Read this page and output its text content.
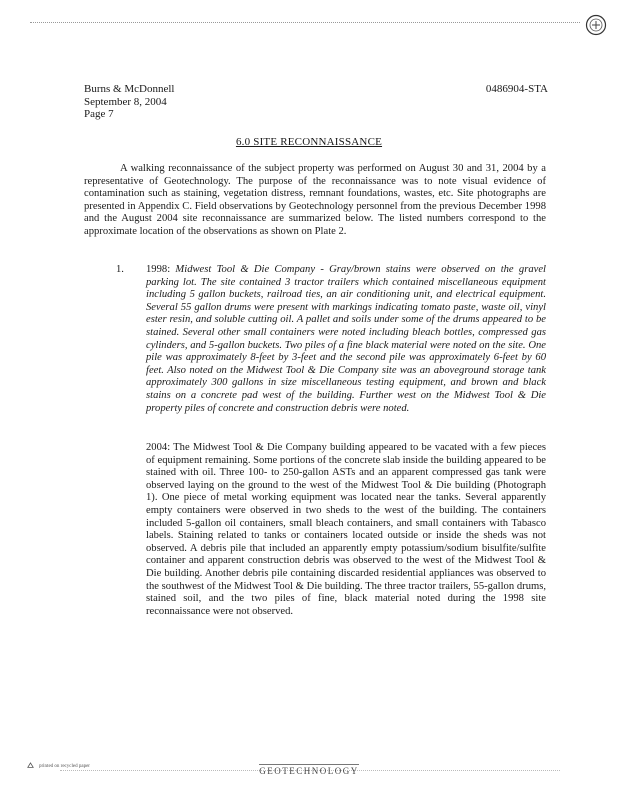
Burns & McDonnell
September 8, 2004
Page 7
0486904-STA
6.0 SITE RECONNAISSANCE

A walking reconnaissance of the subject property was performed on August 30 and 31, 2004 by a representative of Geotechnology. The purpose of the reconnaissance was to note visual evidence of contamination such as staining, vegetation distress, remnant foundations, wastes, etc. Site photographs are presented in Appendix C. Field observations by Geotechnology personnel from the previous December 1998 and the August 2004 site reconnaissance are summarized below. The listed numbers correspond to the approximate location of the observations as shown on Plate 2.

1. 1998: Midwest Tool & Die Company - Gray/brown stains were observed on the gravel parking lot. The site contained 3 tractor trailers which contained miscellaneous equipment including 5 gallon buckets, railroad ties, an air conditioning unit, and electrical equipment. Several 55 gallon drums were present with markings indicating tomato paste, waste oil, vinyl ester resin, and soluble cutting oil. A pallet and soils under some of the drums appeared to be stained. Several other small containers were noted including bleach bottles, compressed gas cylinders, and 5-gallon buckets. Two piles of a fine black material were noted on the site. One pile was approximately 8-feet by 3-feet and the second pile was approximately 6-feet by 60 feet. Also noted on the Midwest Tool & Die Company site was an aboveground storage tank approximately 300 gallons in size miscellaneous testing equipment, and brown and black stains on a concrete pad west of the building. Further west on the Midwest Tool & Die property piles of concrete and construction debris were noted.

2004: The Midwest Tool & Die Company building appeared to be vacated with a few pieces of equipment remaining. Some portions of the concrete slab inside the building appeared to be stained with oil. Three 100- to 250-gallon ASTs and an apparent compressed gas tank were observed laying on the ground to the west of the Midwest Tool & Die building (Photograph 1). One piece of metal working equipment was located near the tanks. Several apparently empty containers were observed in two sheds to the west of the building. The containers included 5-gallon oil containers, small bleach containers, and small containers with Tabasco labels. Staining related to tanks or containers located outside or inside the sheds was not observed. A debris pile that included an apparently empty potassium/sodium bisulfite/sulfite container and apparent construction debris was observed to the west of the Midwest Tool & Die building. Another debris pile containing discarded residential appliances was observed to the southwest of the Midwest Tool & Die building. The three tractor trailers, 55-gallon drums, stained soil, and the two piles of fine, black material noted during the 1998 site reconnaissance were not observed.

printed on recycled paper	GEOTECHNOLOGY
